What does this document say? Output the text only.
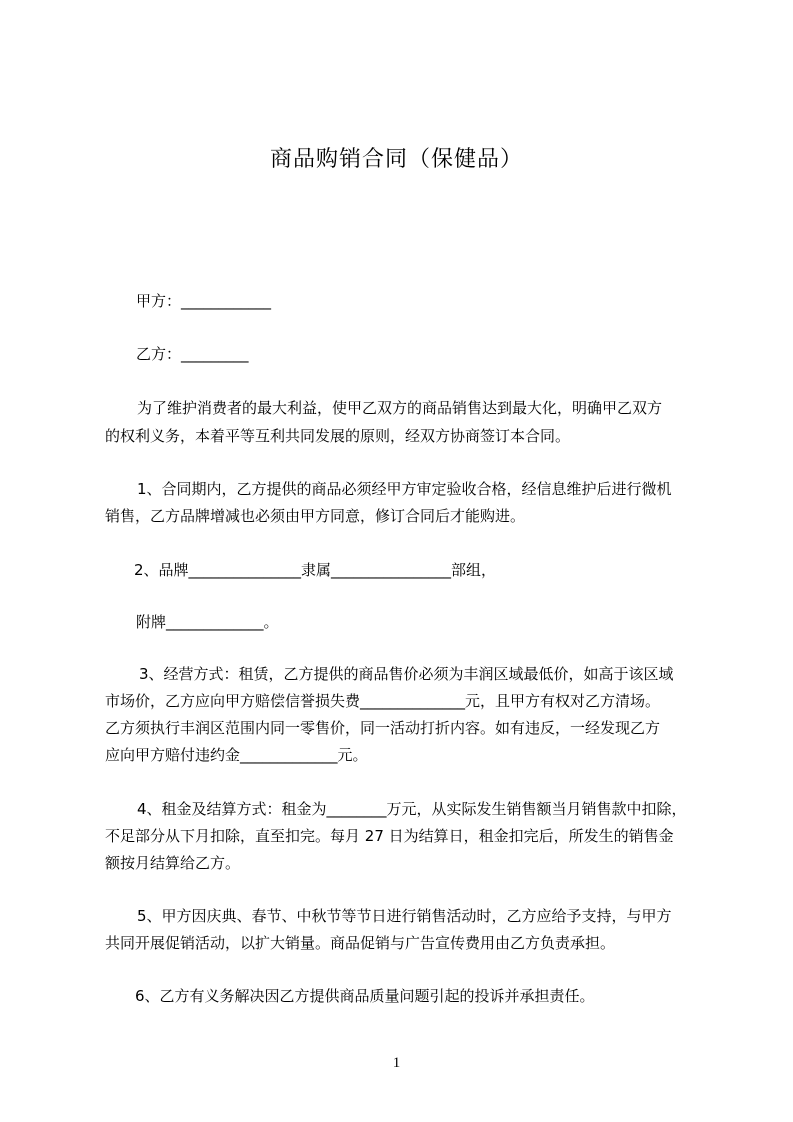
商品购销合同（保健品）
甲方：____________
乙方：_________
为了维护消费者的最大利益，使甲乙双方的商品销售达到最大化，明确甲乙双方
的权利义务，本着平等互利共同发展的原则，经双方协商签订本合同。
1、合同期内，乙方提供的商品必须经甲方审定验收合格，经信息维护后进行微机
销售，乙方品牌增减也必须由甲方同意，修订合同后才能购进。
2、品牌_______________隶属________________部组，
附牌_____________。
3、经营方式：租赁，乙方提供的商品售价必须为丰润区域最低价，如高于该区域
市场价，乙方应向甲方赔偿信誉损失费______________元，且甲方有权对乙方清场。
乙方须执行丰润区范围内同一零售价，同一活动打折内容。如有违反，一经发现乙方
应向甲方赔付违约金_____________元。
4、租金及结算方式：租金为________万元，从实际发生销售额当月销售款中扣除，
不足部分从下月扣除，直至扣完。每月 27 日为结算日，租金扣完后，所发生的销售金
额按月结算给乙方。
5、甲方因庆典、春节、中秋节等节日进行销售活动时，乙方应给予支持，与甲方
共同开展促销活动，以扩大销量。商品促销与广告宣传费用由乙方负责承担。
6、乙方有义务解决因乙方提供商品质量问题引起的投诉并承担责任。
1
